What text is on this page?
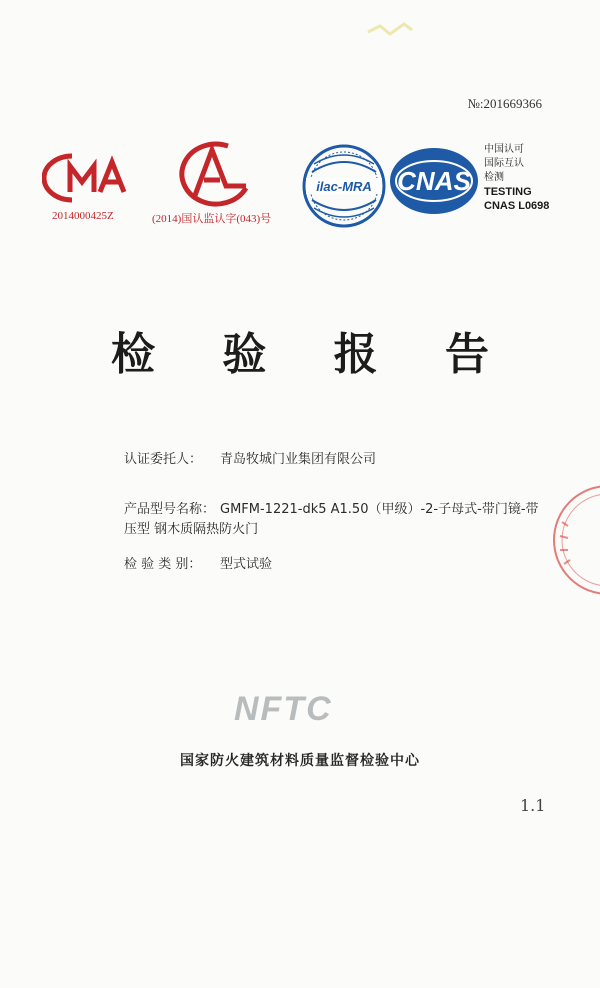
№:201669366
2014000425Z	(2014)国认监认字(043)号
ilac-MRA CNAS
中国认可
国际互认
检测
TESTING
CNAS L0698
检 验 报 告
认证委托人： 青岛牧城门业集团有限公司
产品型号名称： GMFM-1221-dk5 A1.50（甲级）-2-子母式-带门镜-带
压型 钢木质隔热防火门
检 验 类 别： 型式试验
NFTC
国家防火建筑材料质量监督检验中心
1.1
